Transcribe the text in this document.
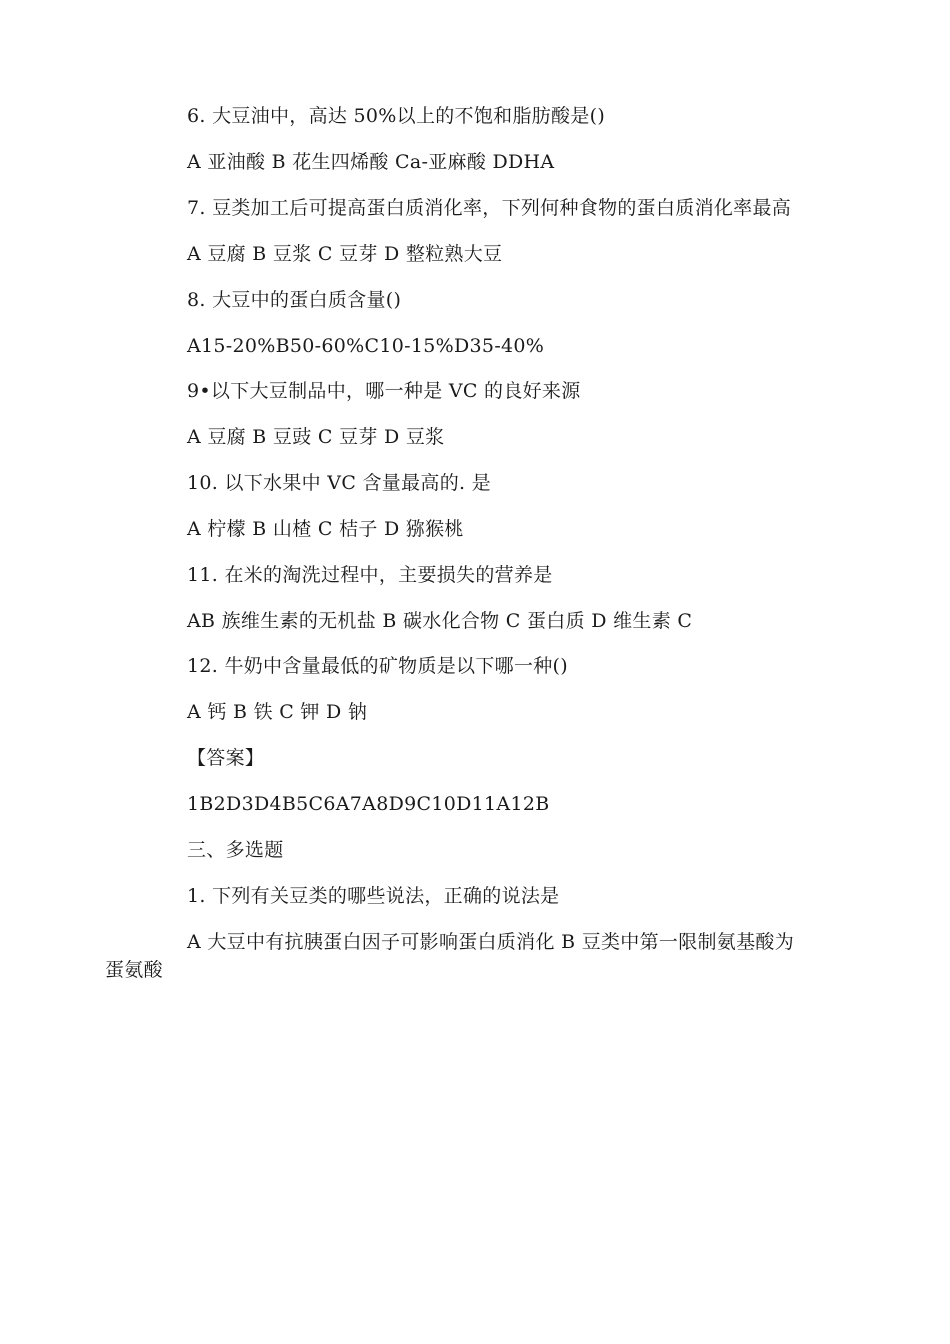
6. 大豆油中，高达 50%以上的不饱和脂肪酸是()
A 亚油酸 B 花生四烯酸 Ca-亚麻酸 DDHA
7. 豆类加工后可提高蛋白质消化率，下列何种食物的蛋白质消化率最高
A 豆腐 B 豆浆 C 豆芽 D 整粒熟大豆
8. 大豆中的蛋白质含量()
A15-20%B50-60%C10-15%D35-40%
9•以下大豆制品中，哪一种是 VC 的良好来源
A 豆腐 B 豆豉 C 豆芽 D 豆浆
10. 以下水果中 VC 含量最高的. 是
A 柠檬 B 山楂 C 桔子 D 猕猴桃
11. 在米的淘洗过程中，主要损失的营养是
AB 族维生素的无机盐 B 碳水化合物 C 蛋白质 D 维生素 C
12. 牛奶中含量最低的矿物质是以下哪一种()
A 钙 B 铁 C 钾 D 钠
【答案】
1B2D3D4B5C6A7A8D9C10D11A12B
三、多选题
1. 下列有关豆类的哪些说法，正确的说法是
A 大豆中有抗胰蛋白因子可影响蛋白质消化 B 豆类中第一限制氨基酸为
蛋氨酸
